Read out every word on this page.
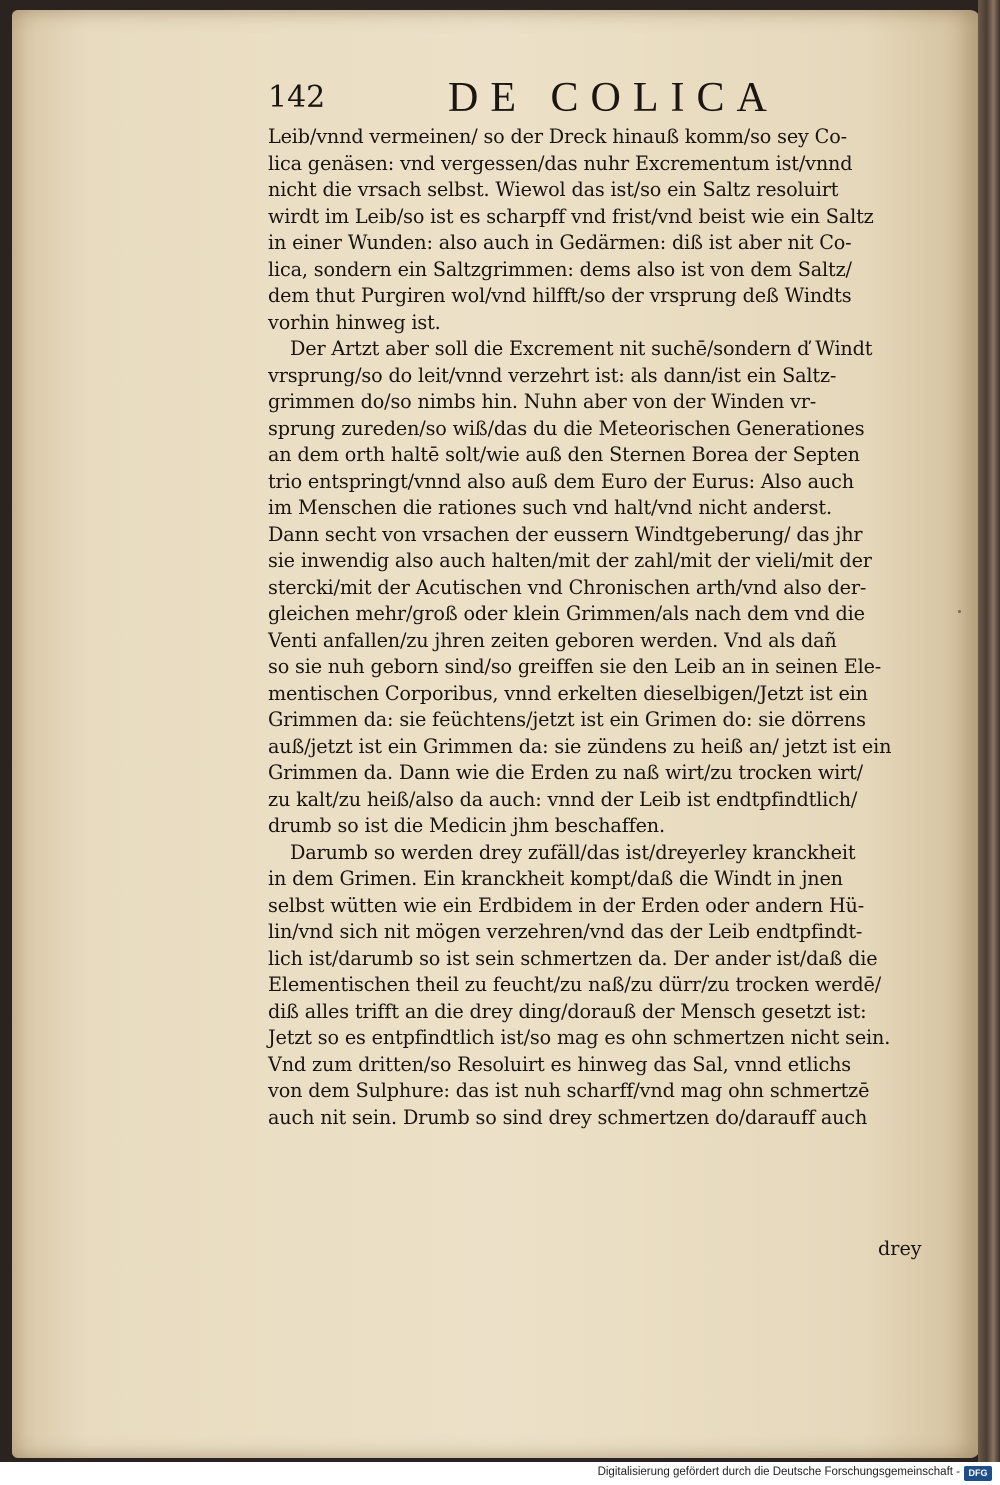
142	DE COLICA
Leib/vnnd vermeinen/ so der Dreck hinauß komm/so sey Co-
lica genäsen: vnd vergessen/das nuhr Excrementum ist/vnnd
nicht die vrsach selbst. Wiewol das ist/so ein Saltz resoluirt
wirdt im Leib/so ist es scharpff vnd frist/vnd beist wie ein Saltz
in einer Wunden: also auch in Gedärmen: diß ist aber nit Co-
lica, sondern ein Saltzgrimmen: dems also ist von dem Saltz/
dem thut Purgiren wol/vnd hilfft/so der vrsprung deß Windts
vorhin hinweg ist.
Der Artzt aber soll die Excrement nit suchē/sondern ď Windt
vrsprung/so do leit/vnnd verzehrt ist: als dann/ist ein Saltz-
grimmen do/so nimbs hin. Nuhn aber von der Winden vr-
sprung zureden/so wiß/das du die Meteorischen Generationes
an dem orth haltē solt/wie auß den Sternen Borea der Septen
trio entspringt/vnnd also auß dem Euro der Eurus: Also auch
im Menschen die rationes such vnd halt/vnd nicht anderst.
Dann secht von vrsachen der eussern Windtgeberung/ das jhr
sie inwendig also auch halten/mit der zahl/mit der vieli/mit der
stercki/mit der Acutischen vnd Chronischen arth/vnd also der-
gleichen mehr/groß oder klein Grimmen/als nach dem vnd die
Venti anfallen/zu jhren zeiten geboren werden. Vnd als dañ
so sie nuh geborn sind/so greiffen sie den Leib an in seinen Ele-
mentischen Corporibus, vnnd erkelten dieselbigen/Jetzt ist ein
Grimmen da: sie feüchtens/jetzt ist ein Grimen do: sie dörrens
auß/jetzt ist ein Grimmen da: sie zündens zu heiß an/ jetzt ist ein
Grimmen da. Dann wie die Erden zu naß wirt/zu trocken wirt/
zu kalt/zu heiß/also da auch: vnnd der Leib ist endtpfindtlich/
drumb so ist die Medicin jhm beschaffen.
Darumb so werden drey zufäll/das ist/dreyerley kranckheit
in dem Grimen. Ein kranckheit kompt/daß die Windt in jnen
selbst wütten wie ein Erdbidem in der Erden oder andern Hü-
lin/vnd sich nit mögen verzehren/vnd das der Leib endtpfindt-
lich ist/darumb so ist sein schmertzen da. Der ander ist/daß die
Elementischen theil zu feucht/zu naß/zu dürr/zu trocken werdē/
diß alles trifft an die drey ding/dorauß der Mensch gesetzt ist:
Jetzt so es entpfindtlich ist/so mag es ohn schmertzen nicht sein.
Vnd zum dritten/so Resoluirt es hinweg das Sal, vnnd etlichs
von dem Sulphure: das ist nuh scharff/vnd mag ohn schmertzē
auch nit sein. Drumb so sind drey schmertzen do/darauff auch
drey
Digitalisierung gefördert durch die Deutsche Forschungsgemeinschaft - DFG
